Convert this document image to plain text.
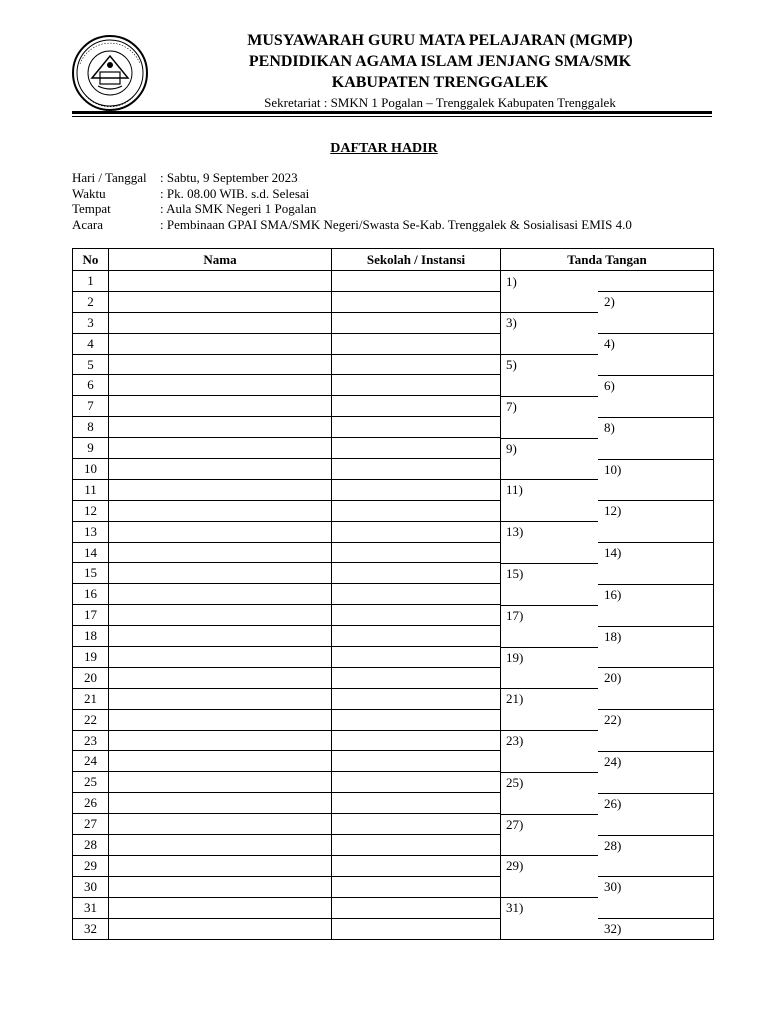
MUSYAWARAH GURU MATA PELAJARAN (MGMP)
PENDIDIKAN AGAMA ISLAM JENJANG SMA/SMK
KABUPATEN TRENGGALEK
Sekretariat : SMKN 1 Pogalan – Trenggalek Kabupaten Trenggalek
DAFTAR HADIR
Hari / Tanggal	: Sabtu, 9 September 2023
Waktu	: Pk. 08.00 WIB. s.d. Selesai
Tempat	: Aula SMK Negeri 1 Pogalan
Acara	: Pembinaan GPAI SMA/SMK Negeri/Swasta Se-Kab. Trenggalek & Sosialisasi EMIS 4.0
No	Nama	Sekolah / Instansi	Tanda Tangan
1			1)

2			2)

3			3)

4			4)

5			5)

6			6)

7			7)

8			8)

9			9)

10			10)

11			11)

12			12)

13			13)

14			14)

15			15)

16			16)

17			17)

18			18)

19			19)

20			20)

21			21)

22			22)

23			23)

24			24)

25			25)

26			26)

27			27)

28			28)

29			29)

30			30)

31			31)

32			32)
